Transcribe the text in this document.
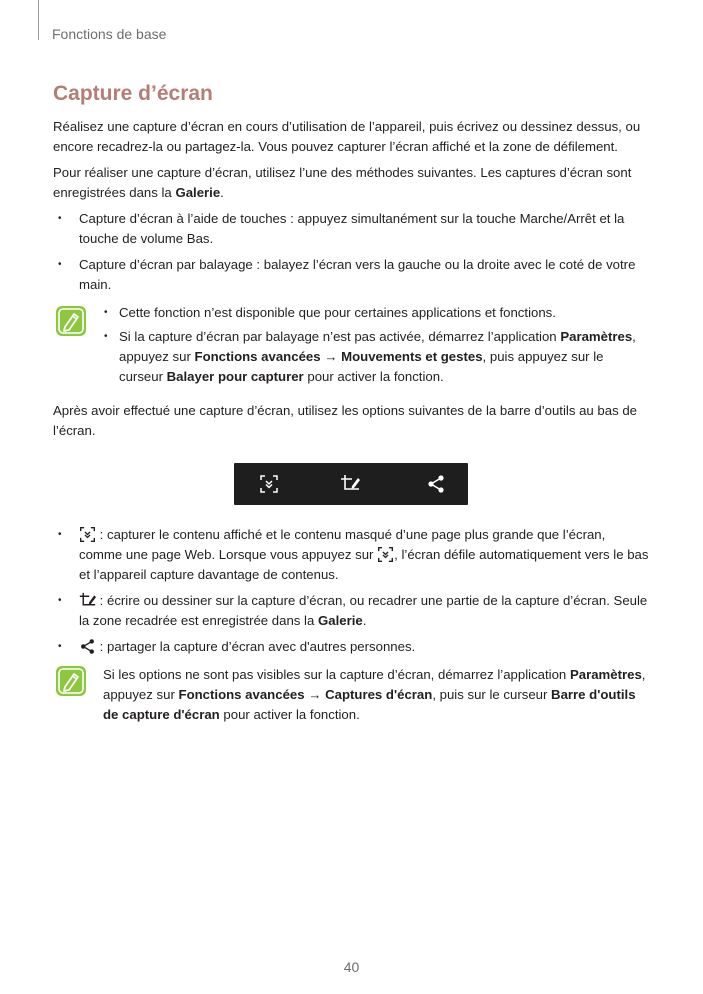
Fonctions de base
Capture d’écran

Réalisez une capture d’écran en cours d’utilisation de l’appareil, puis écrivez ou dessinez dessus, ou encore recadrez-la ou partagez-la. Vous pouvez capturer l’écran affiché et la zone de défilement.

Pour réaliser une capture d’écran, utilisez l’une des méthodes suivantes. Les captures d’écran sont enregistrées dans la Galerie.

• Capture d’écran à l’aide de touches : appuyez simultanément sur la touche Marche/Arrêt et la touche de volume Bas.
• Capture d’écran par balayage : balayez l’écran vers la gauche ou la droite avec le coté de votre main.
• Cette fonction n’est disponible que pour certaines applications et fonctions.
• Si la capture d’écran par balayage n’est pas activée, démarrez l’application Paramètres, appuyez sur Fonctions avancées → Mouvements et gestes, puis appuyez sur le curseur Balayer pour capturer pour activer la fonction.

Après avoir effectué une capture d’écran, utilisez les options suivantes de la barre d’outils au bas de l’écran.

• : capturer le contenu affiché et le contenu masqué d’une page plus grande que l’écran, comme une page Web. Lorsque vous appuyez sur , l’écran défile automatiquement vers le bas et l’appareil capture davantage de contenus.
• : écrire ou dessiner sur la capture d’écran, ou recadrer une partie de la capture d’écran. Seule la zone recadrée est enregistrée dans la Galerie.
• : partager la capture d’écran avec d'autres personnes.

Si les options ne sont pas visibles sur la capture d’écran, démarrez l’application Paramètres, appuyez sur Fonctions avancées → Captures d'écran, puis sur le curseur Barre d'outils de capture d'écran pour activer la fonction.

40
